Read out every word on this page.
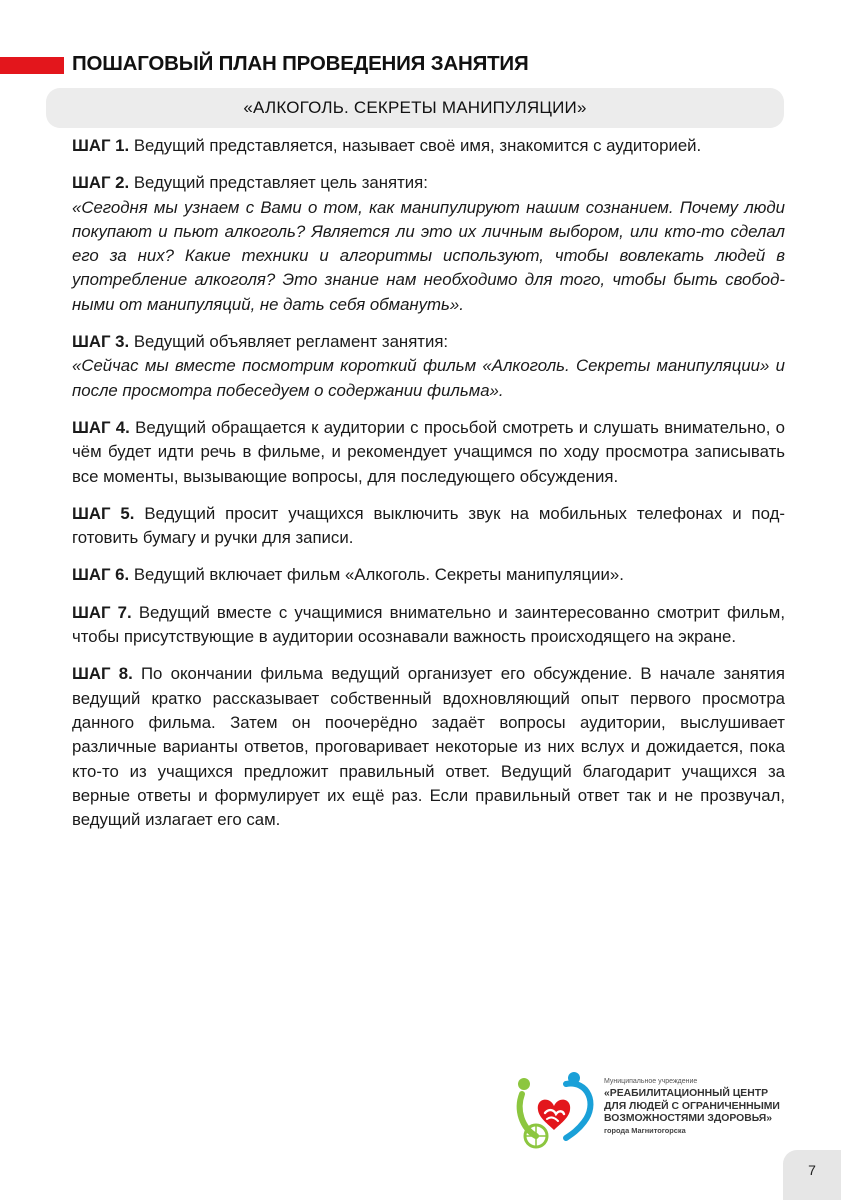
ПОШАГОВЫЙ ПЛАН ПРОВЕДЕНИЯ ЗАНЯТИЯ
«АЛКОГОЛЬ. СЕКРЕТЫ МАНИПУЛЯЦИИ»

ШАГ 1. Ведущий представляется, называет своё имя, знакомится с аудиторией.

ШАГ 2. Ведущий представляет цель занятия:
«Сегодня мы узнаем с Вами о том, как манипулируют нашим сознанием. Почему люди покупают и пьют алкоголь? Является ли это их личным выбором, или кто-то сделал его за них? Какие техники и алгоритмы используют, чтобы вовлекать людей в употребление алкоголя? Это знание нам необходимо для того, чтобы быть свободными от манипуляций, не дать себя обмануть».

ШАГ 3. Ведущий объявляет регламент занятия:
«Сейчас мы вместе посмотрим короткий фильм «Алкоголь. Секреты манипуляции» и после просмотра побеседуем о содержании фильма».

ШАГ 4. Ведущий обращается к аудитории с просьбой смотреть и слушать внимательно, о чём будет идти речь в фильме, и рекомендует учащимся по ходу просмотра записывать все моменты, вызывающие вопросы, для последующего обсуждения.

ШАГ 5. Ведущий просит учащихся выключить звук на мобильных телефонах и подготовить бумагу и ручки для записи.

ШАГ 6. Ведущий включает фильм «Алкоголь. Секреты манипуляции».

ШАГ 7. Ведущий вместе с учащимися внимательно и заинтересованно смотрит фильм, чтобы присутствующие в аудитории осознавали важность происходящего на экране.

ШАГ 8. По окончании фильма ведущий организует его обсуждение. В начале занятия ведущий кратко рассказывает собственный вдохновляющий опыт первого просмотра данного фильма. Затем он поочерёдно задаёт вопросы аудитории, выслушивает различные варианты ответов, проговаривает некоторые из них вслух и дожидается, пока кто-то из учащихся предложит правильный ответ. Ведущий благодарит учащихся за верные ответы и формулирует их ещё раз. Если правильный ответ так и не прозвучал, ведущий излагает его сам.

Муниципальное учреждение

«РЕАБИЛИТАЦИОННЫЙ ЦЕНТР

ДЛЯ ЛЮДЕЙ С ОГРАНИЧЕННЫМИ

ВОЗМОЖНОСТЯМИ ЗДОРОВЬЯ»

города Магнитогорска

7
